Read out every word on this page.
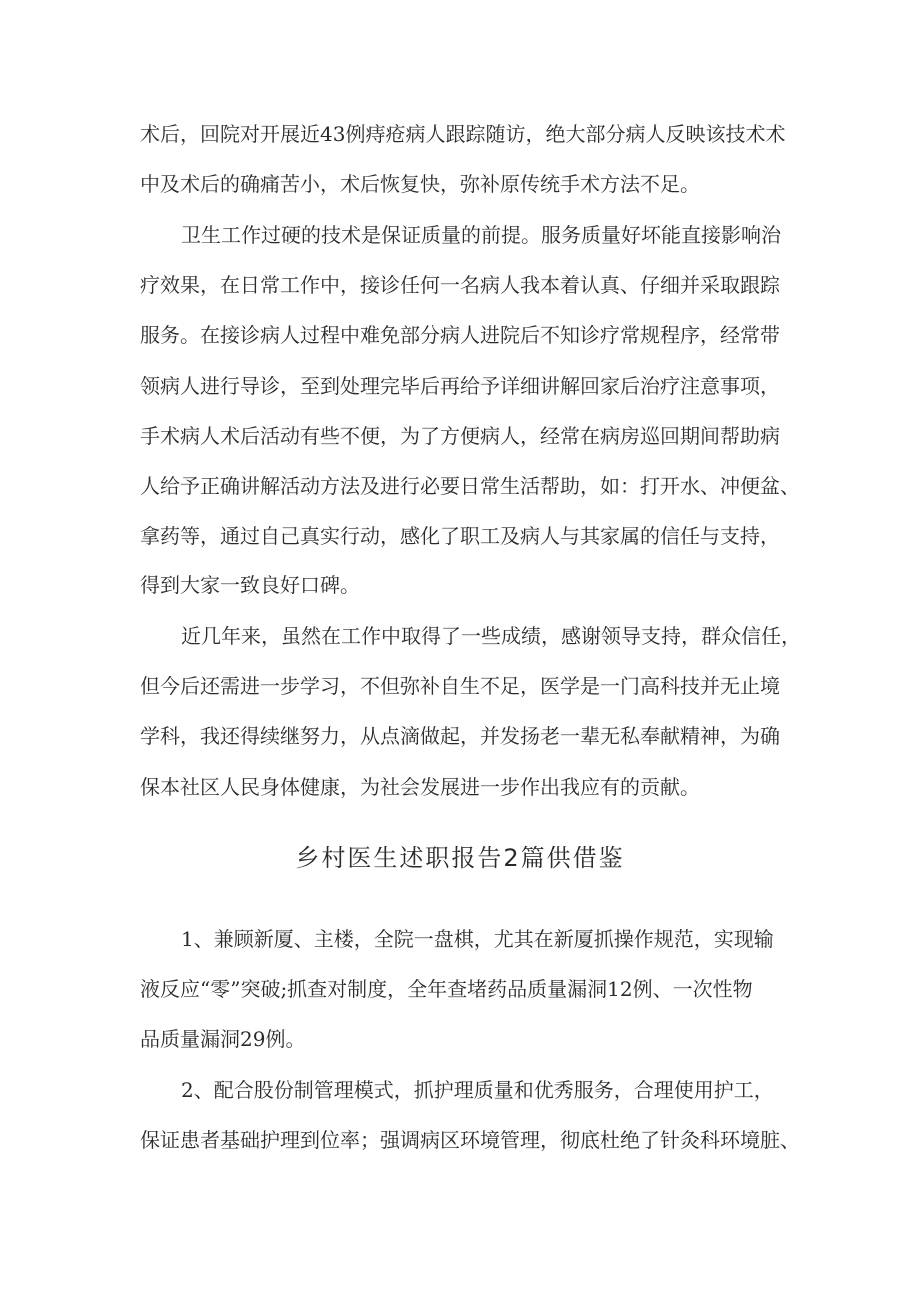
术后，回院对开展近43例痔疮病人跟踪随访，绝大部分病人反映该技术术
中及术后的确痛苦小，术后恢复快，弥补原传统手术方法不足。
卫生工作过硬的技术是保证质量的前提。服务质量好坏能直接影响治
疗效果，在日常工作中，接诊任何一名病人我本着认真、仔细并采取跟踪
服务。在接诊病人过程中难免部分病人进院后不知诊疗常规程序，经常带
领病人进行导诊，至到处理完毕后再给予详细讲解回家后治疗注意事项，
手术病人术后活动有些不便，为了方便病人，经常在病房巡回期间帮助病
人给予正确讲解活动方法及进行必要日常生活帮助，如：打开水、冲便盆、
拿药等，通过自己真实行动，感化了职工及病人与其家属的信任与支持，
得到大家一致良好口碑。
近几年来，虽然在工作中取得了一些成绩，感谢领导支持，群众信任，
但今后还需进一步学习，不但弥补自生不足，医学是一门高科技并无止境
学科，我还得续继努力，从点滴做起，并发扬老一辈无私奉献精神，为确
保本社区人民身体健康，为社会发展进一步作出我应有的贡献。
乡村医生述职报告2篇供借鉴
1、兼顾新厦、主楼，全院一盘棋，尤其在新厦抓操作规范，实现输
液反应“零”突破;抓查对制度，全年查堵药品质量漏洞12例、一次性物
品质量漏洞29例。
2、配合股份制管理模式，抓护理质量和优秀服务，合理使用护工，
保证患者基础护理到位率；强调病区环境管理，彻底杜绝了针灸科环境脏、
